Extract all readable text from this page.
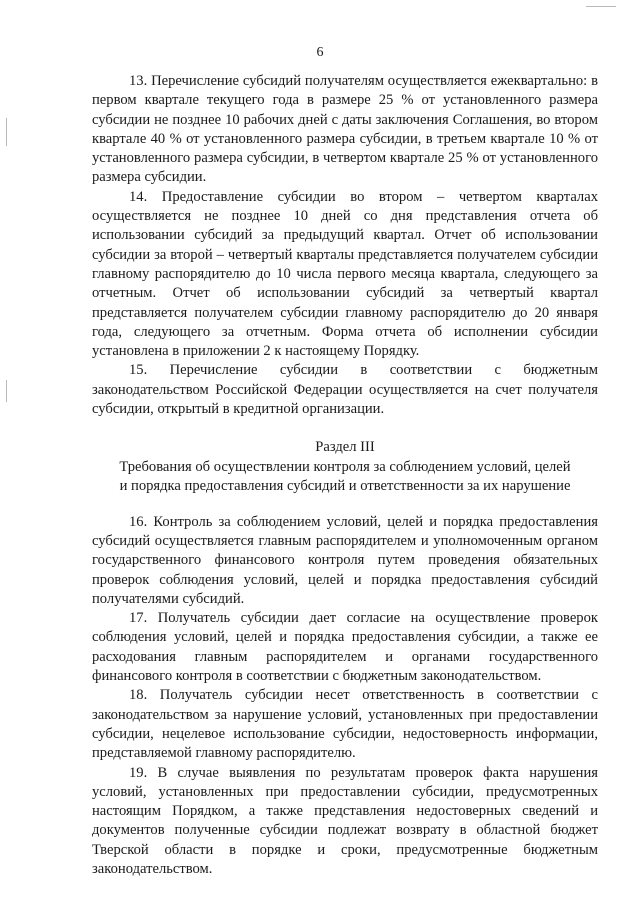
6

13. Перечисление субсидий получателям осуществляется ежеквартально: в первом квартале текущего года в размере 25 % от установленного размера субсидии не позднее 10 рабочих дней с даты заключения Соглашения, во втором квартале 40 % от установленного размера субсидии, в третьем квартале 10 % от установленного размера субсидии, в четвертом квартале 25 % от установленного размера субсидии.

14. Предоставление субсидии во втором – четвертом кварталах осуществляется не позднее 10 дней со дня представления отчета об использовании субсидий за предыдущий квартал. Отчет об использовании субсидии за второй – четвертый кварталы представляется получателем субсидии главному распорядителю до 10 числа первого месяца квартала, следующего за отчетным. Отчет об использовании субсидий за четвертый квартал представляется получателем субсидии главному распорядителю до 20 января года, следующего за отчетным. Форма отчета об исполнении субсидии установлена в приложении 2 к настоящему Порядку.

15. Перечисление субсидии в соответствии с бюджетным законодательством Российской Федерации осуществляется на счет получателя субсидии, открытый в кредитной организации.

Раздел III

Требования об осуществлении контроля за соблюдением условий, целей

и порядка предоставления субсидий и ответственности за их нарушение

16. Контроль за соблюдением условий, целей и порядка предоставления субсидий осуществляется главным распорядителем и уполномоченным органом государственного финансового контроля путем проведения обязательных проверок соблюдения условий, целей и порядка предоставления субсидий получателями субсидий.

17. Получатель субсидии дает согласие на осуществление проверок соблюдения условий, целей и порядка предоставления субсидии, а также ее расходования главным распорядителем и органами государственного финансового контроля в соответствии с бюджетным законодательством.

18. Получатель субсидии несет ответственность в соответствии с законодательством за нарушение условий, установленных при предоставлении субсидии, нецелевое использование субсидии, недостоверность информации, представляемой главному распорядителю.

19. В случае выявления по результатам проверок факта нарушения условий, установленных при предоставлении субсидии, предусмотренных настоящим Порядком, а также представления недостоверных сведений и документов полученные субсидии подлежат возврату в областной бюджет Тверской области в порядке и сроки, предусмотренные бюджетным законодательством.
